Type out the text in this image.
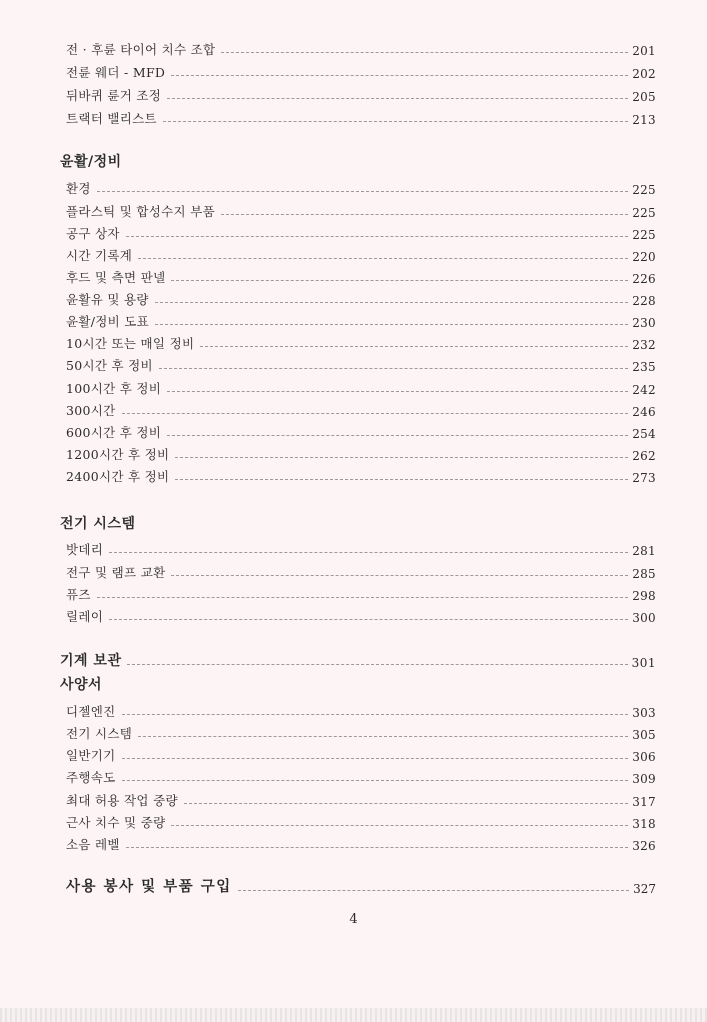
전 · 후륜 타이어 치수 조합	201
전륜 웨더 - MFD	202
뒤바퀴 륜거 조정	205
트랙터 밸리스트	213
윤활/정비
환경	225
플라스틱 및 합성수지 부품	225
공구 상자	225
시간 기록계	220
후드 및 측면 판넬	226
윤활유 및 용량	228
윤활/정비 도표	230
10시간 또는 매일 정비	232
50시간 후 정비	235
100시간 후 정비	242
300시간	246
600시간 후 정비	254
1200시간 후 정비	262
2400시간 후 정비	273
전기 시스템
밧데리	281
전구 및 램프 교환	285
퓨즈	298
릴레이	300
기계 보관	301
사양서
디젤엔진	303
전기 시스템	305
일반기기	306
주행속도	309
최대 허용 작업 중량	317
근사 치수 및 중량	318
소음 레벨	326
사용 봉사 및 부품 구입	327
4
